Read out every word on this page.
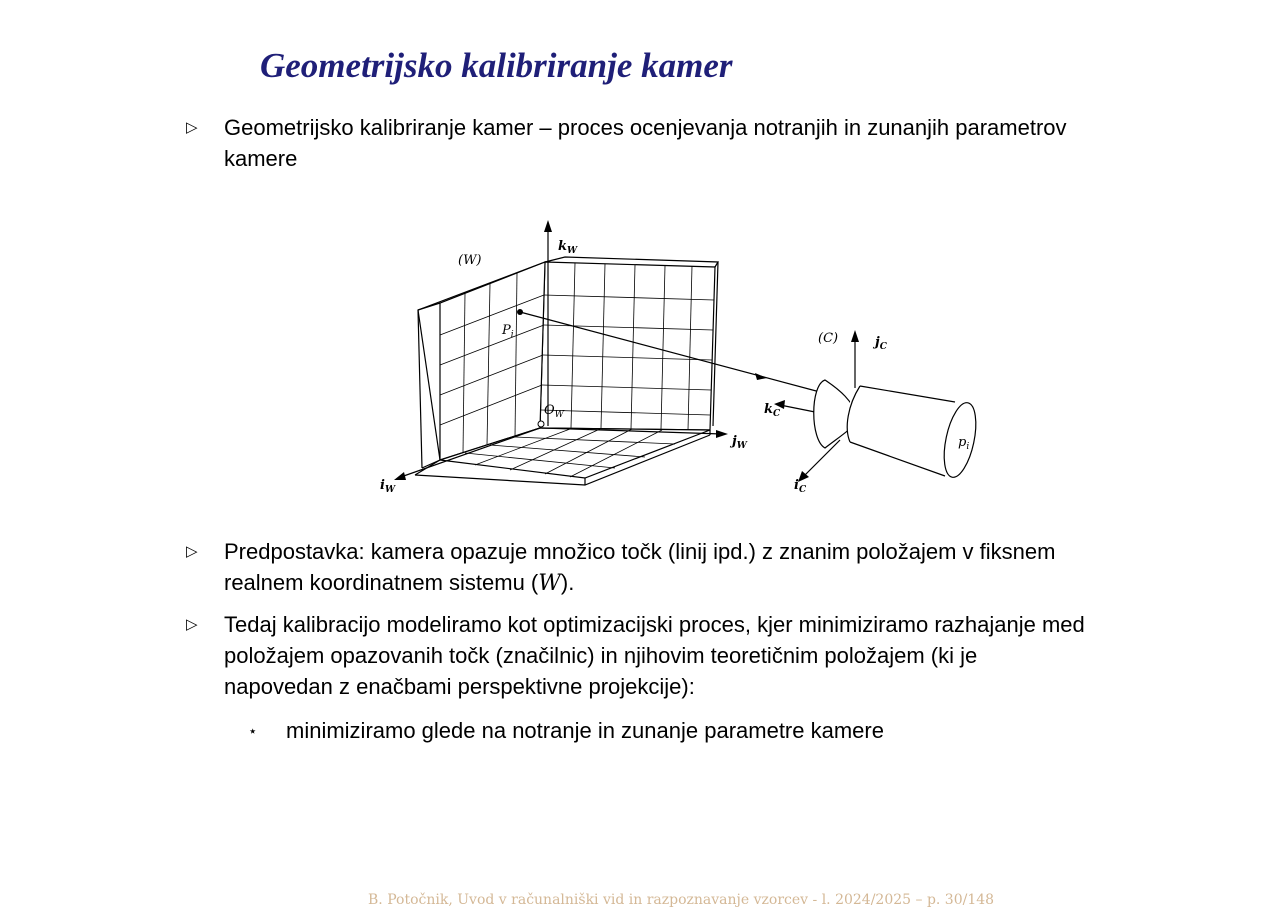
Geometrijsko kalibriranje kamer
▷ Geometrijsko kalibriranje kamer – proces ocenjevanja notranjih in zunanjih parametrov kamere
(W)
(C)
$k_W$
$i_W$
$j_W$
$O_W$
$P_i$
$k_C$
$i_C$
$j_C$
$p_i$
▷ Predpostavka: kamera opazuje množico točk (linij ipd.) z znanim položajem v fiksnem realnem koordinatnem sistemu (W).
▷ Tedaj kalibracijo modeliramo kot optimizacijski proces, kjer minimiziramo razhajanje med položajem opazovanih točk (značilnic) in njihovim teoretičnim položajem (ki je napovedan z enačbami perspektivne projekcije):
⋆ minimiziramo glede na notranje in zunanje parametre kamere
B. Potočnik, Uvod v računalniški vid in razpoznavanje vzorcev - l. 2024/2025 – p. 30/148
